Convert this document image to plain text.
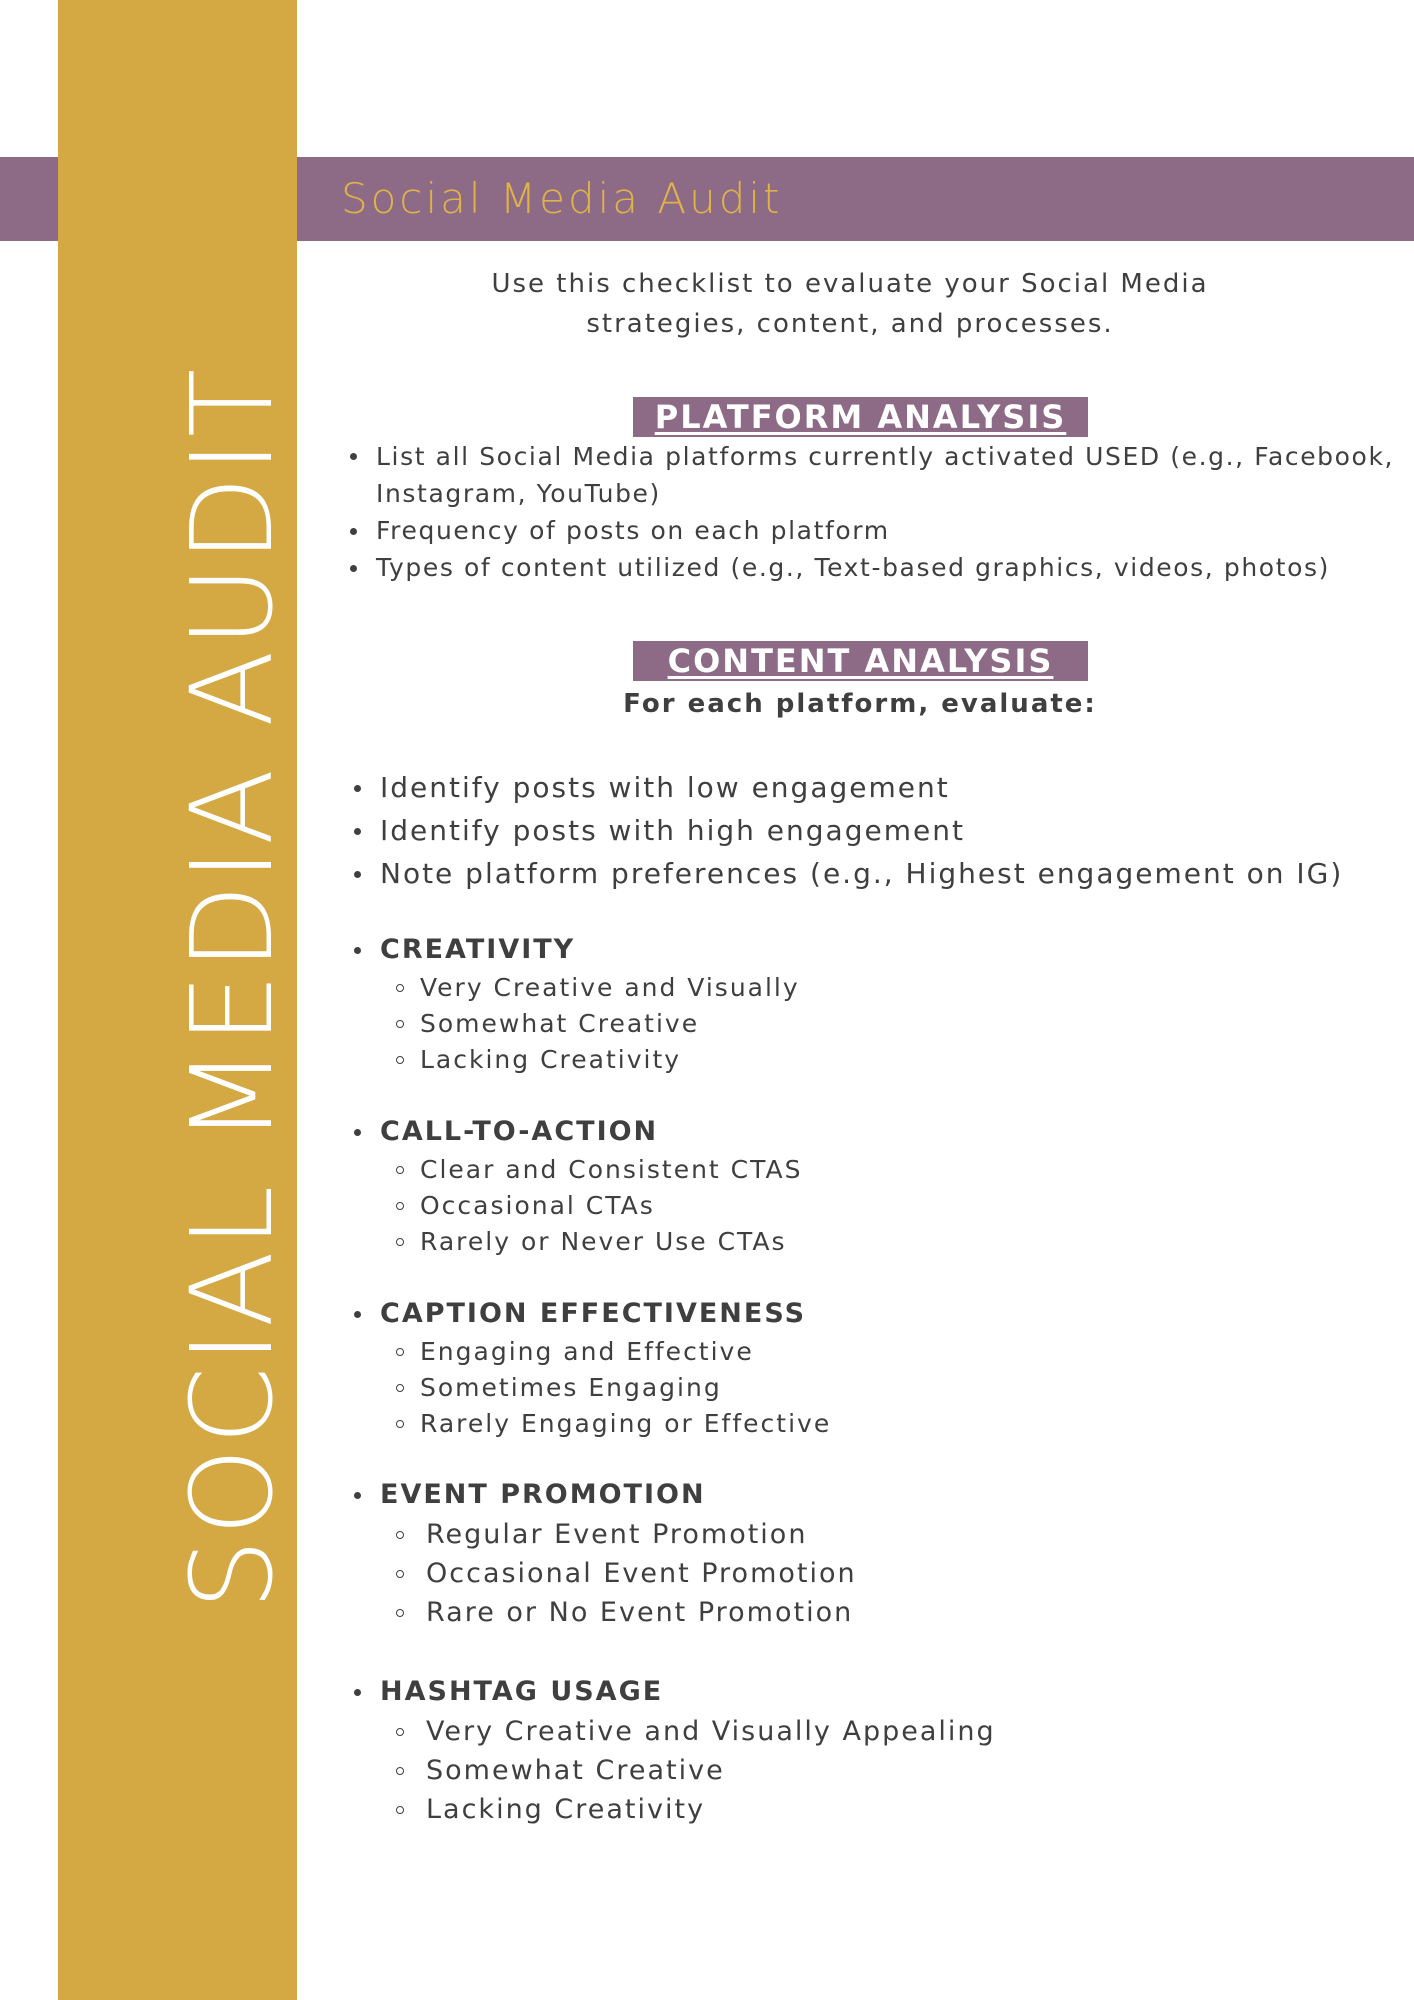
SOCIAL MEDIA AUDIT
Social Media Audit
Use this checklist to evaluate your Social Media
strategies, content, and processes.
PLATFORM ANALYSIS
List all Social Media platforms currently activated USED (e.g., Facebook, Instagram, YouTube)
Frequency of posts on each platform
Types of content utilized (e.g., Text-based graphics, videos, photos)
CONTENT ANALYSIS
For each platform, evaluate:
Identify posts with low engagement
Identify posts with high engagement
Note platform preferences (e.g., Highest engagement on IG)
CREATIVITY
Very Creative and Visually
Somewhat Creative
Lacking Creativity
CALL-TO-ACTION
Clear and Consistent CTAS
Occasional CTAs
Rarely or Never Use CTAs
CAPTION EFFECTIVENESS
Engaging and Effective
Sometimes Engaging
Rarely Engaging or Effective
EVENT PROMOTION
Regular Event Promotion
Occasional Event Promotion
Rare or No Event Promotion
HASHTAG USAGE
Very Creative and Visually Appealing
Somewhat Creative
Lacking Creativity
